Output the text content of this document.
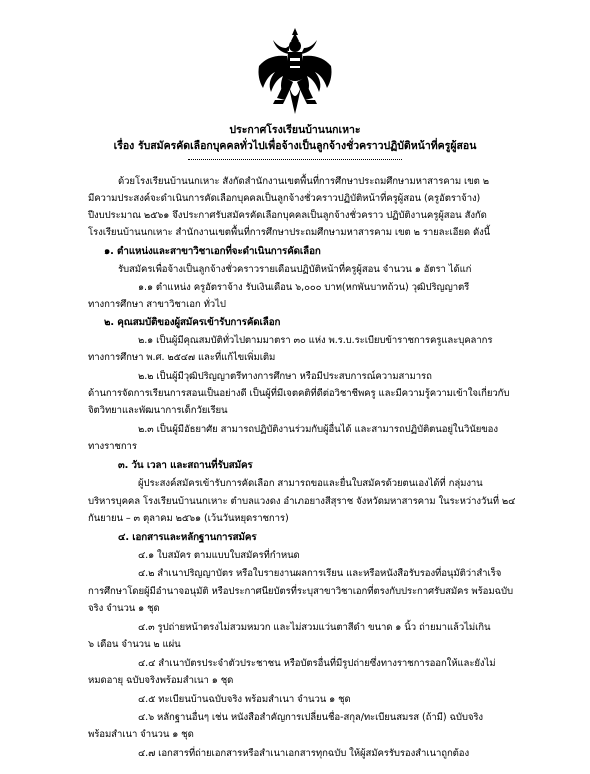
ประกาศโรงเรียนบ้านนกเหาะ
เรื่อง รับสมัครคัดเลือกบุคคลทั่วไปเพื่อจ้างเป็นลูกจ้างชั่วคราวปฏิบัติหน้าที่ครูผู้สอน
ด้วยโรงเรียนบ้านนกเหาะ สังกัดสำนักงานเขตพื้นที่การศึกษาประถมศึกษามหาสารคาม เขต ๒
มีความประสงค์จะดำเนินการคัดเลือกบุคคลเป็นลูกจ้างชั่วคราวปฏิบัติหน้าที่ครูผู้สอน (ครูอัตราจ้าง)
ปีงบประมาณ ๒๕๖๑ จึงประกาศรับสมัครคัดเลือกบุคคลเป็นลูกจ้างชั่วคราว ปฏิบัติงานครูผู้สอน สังกัด
โรงเรียนบ้านนกเหาะ สำนักงานเขตพื้นที่การศึกษาประถมศึกษามหาสารคาม เขต ๒ รายละเอียด ดังนี้
๑. ตำแหน่งและสาขาวิชาเอกที่จะดำเนินการคัดเลือก
รับสมัครเพื่อจ้างเป็นลูกจ้างชั่วคราวรายเดือนปฏิบัติหน้าที่ครูผู้สอน จำนวน ๑ อัตรา ได้แก่
๑.๑ ตำแหน่ง ครูอัตราจ้าง รับเงินเดือน ๖,๐๐๐ บาท(หกพันบาทถ้วน) วุฒิปริญญาตรี
ทางการศึกษา สาขาวิชาเอก ทั่วไป
๒. คุณสมบัติของผู้สมัครเข้ารับการคัดเลือก
๒.๑ เป็นผู้มีคุณสมบัติทั่วไปตามมาตรา ๓๐ แห่ง พ.ร.บ.ระเบียบข้าราชการครูและบุคลากร
ทางการศึกษา พ.ศ. ๒๕๔๗ และที่แก้ไขเพิ่มเติม
๒.๒ เป็นผู้มีวุฒิปริญญาตรีทางการศึกษา หรือมีประสบการณ์ความสามารถ
ด้านการจัดการเรียนการสอนเป็นอย่างดี เป็นผู้ที่มีเจตคติที่ดีต่อวิชาชีพครู และมีความรู้ความเข้าใจเกี่ยวกับ
จิตวิทยาและพัฒนาการเด็กวัยเรียน
๒.๓ เป็นผู้มีอัธยาศัย สามารถปฏิบัติงานร่วมกับผู้อื่นได้ และสามารถปฏิบัติตนอยู่ในวินัยของ
ทางราชการ
๓. วัน เวลา และสถานที่รับสมัคร
ผู้ประสงค์สมัครเข้ารับการคัดเลือก สามารถขอและยื่นใบสมัครด้วยตนเองได้ที่ กลุ่มงาน
บริหารบุคคล โรงเรียนบ้านนกเหาะ ตำบลแวงดง อำเภอยางสีสุราช จังหวัดมหาสารคาม ในระหว่างวันที่ ๒๔
กันยายน – ๓ ตุลาคม ๒๕๖๑ (เว้นวันหยุดราชการ)
๔. เอกสารและหลักฐานการสมัคร
๔.๑ ใบสมัคร ตามแบบใบสมัครที่กำหนด
๔.๒ สำเนาปริญญาบัตร หรือใบรายงานผลการเรียน และหรือหนังสือรับรองที่อนุมัติว่าสำเร็จ
การศึกษาโดยผู้มีอำนาจอนุมัติ หรือประกาศนียบัตรที่ระบุสาขาวิชาเอกที่ตรงกับประกาศรับสมัคร พร้อมฉบับ
จริง จำนวน ๑ ชุด
๔.๓ รูปถ่ายหน้าตรงไม่สวมหมวก และไม่สวมแว่นตาสีดำ ขนาด ๑ นิ้ว ถ่ายมาแล้วไม่เกิน
๖ เดือน จำนวน ๒ แผ่น
๔.๔ สำเนาบัตรประจำตัวประชาชน หรือบัตรอื่นที่มีรูปถ่ายซึ่งทางราชการออกให้และยังไม่
หมดอายุ ฉบับจริงพร้อมสำเนา ๑ ชุด
๔.๕ ทะเบียนบ้านฉบับจริง พร้อมสำเนา จำนวน ๑ ชุด
๔.๖ หลักฐานอื่นๆ เช่น หนังสือสำคัญการเปลี่ยนชื่อ-สกุล/ทะเบียนสมรส (ถ้ามี) ฉบับจริง
พร้อมสำเนา จำนวน ๑ ชุด
๔.๗ เอกสารที่ถ่ายเอกสารหรือสำเนาเอกสารทุกฉบับ ให้ผู้สมัครรับรองสำเนาถูกต้อง
